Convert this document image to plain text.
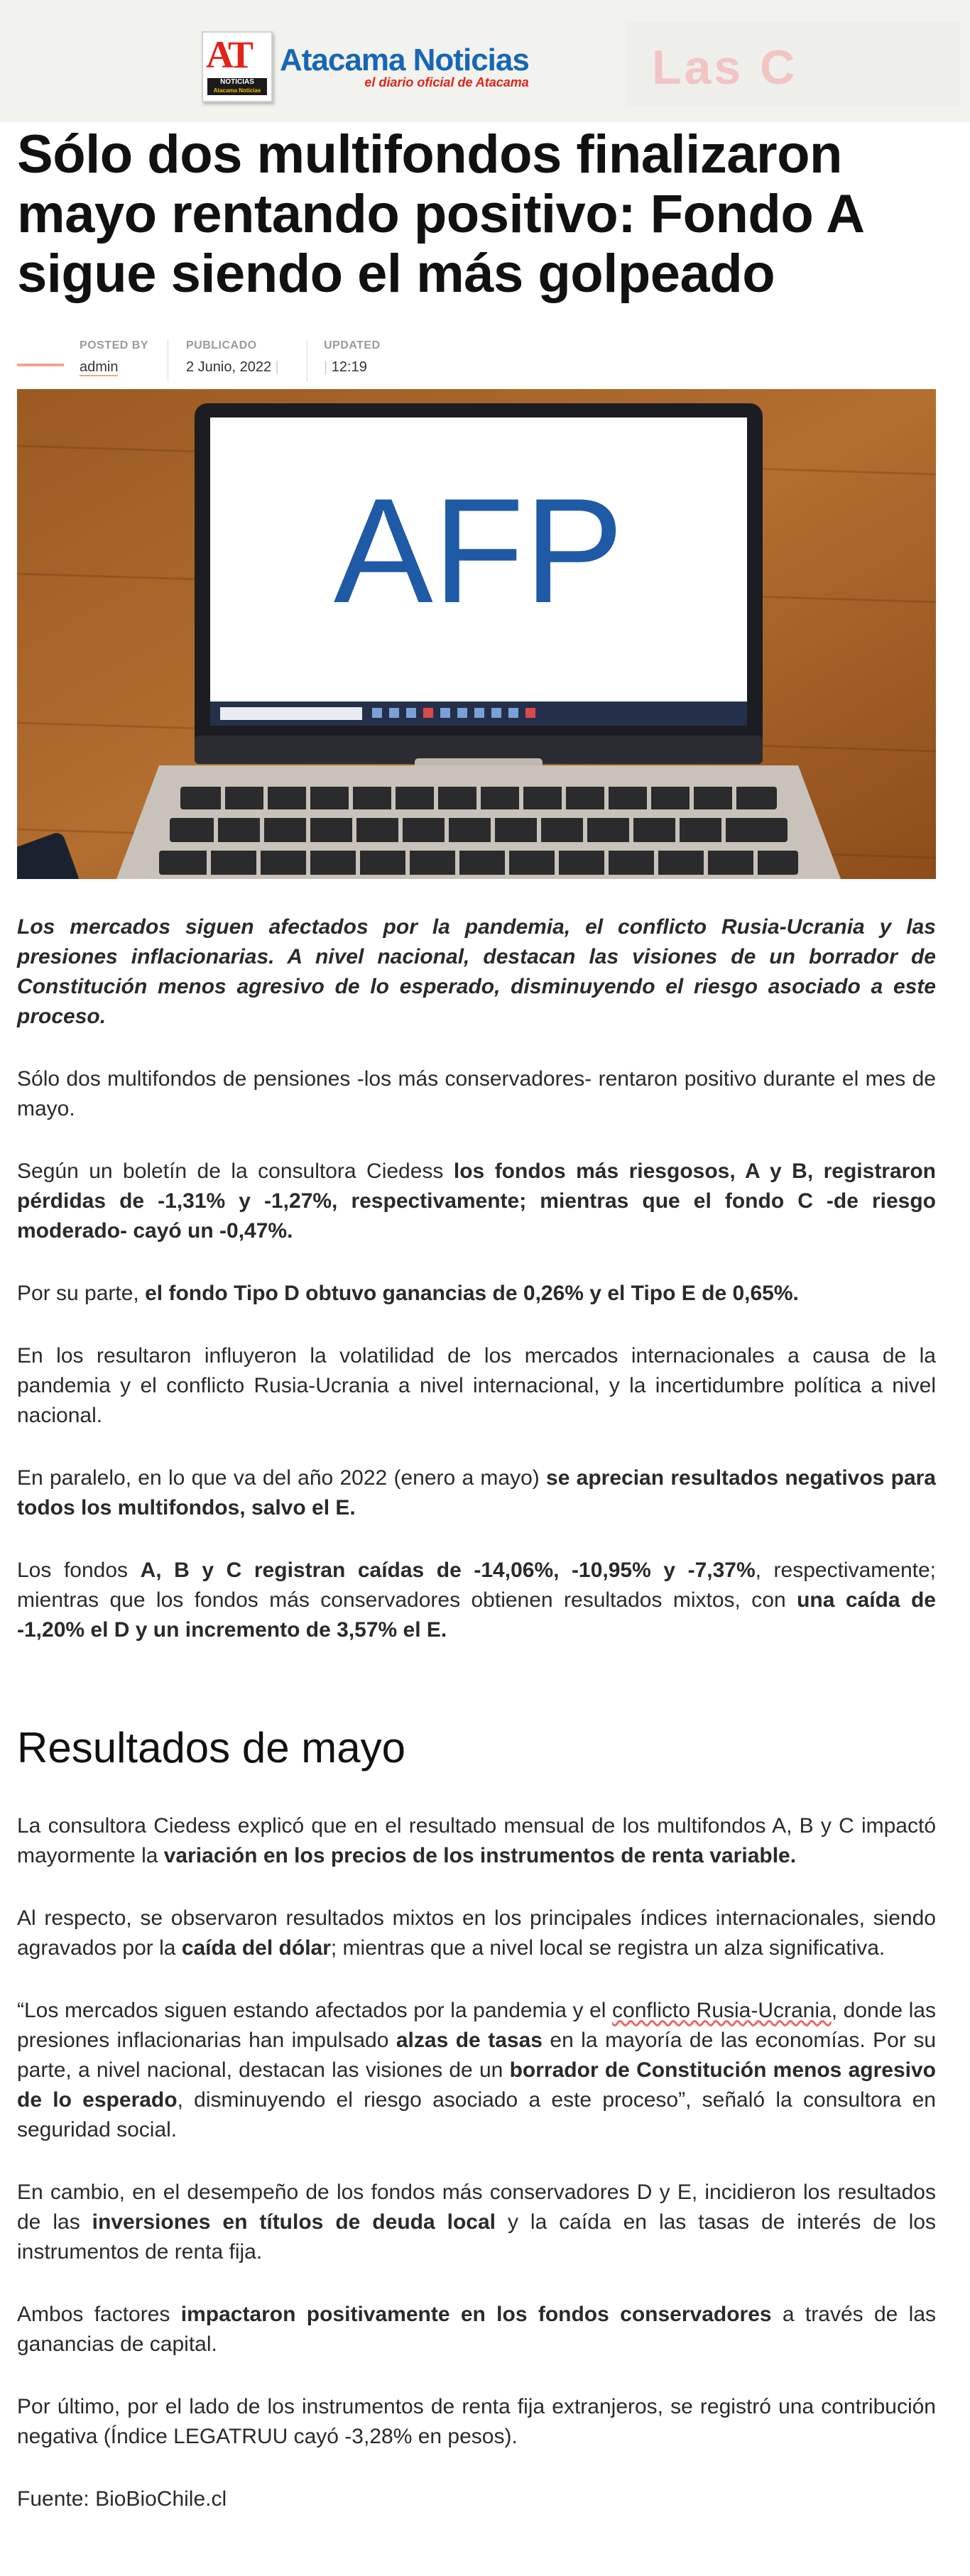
AT
NOTICIAS
Atacama Noticias
Atacama Noticias
el diario oficial de Atacama	Las C
Sólo dos multifondos finalizaron mayo rentando positivo: Fondo A sigue siendo el más golpeado
POSTED BY
admin
PUBLICADO
2 Junio, 2022 |
UPDATED
| 12:19
AFP

Los mercados siguen afectados por la pandemia, el conflicto Rusia-Ucrania y las presiones inflacionarias. A nivel nacional, destacan las visiones de un borrador de Constitución menos agresivo de lo esperado, disminuyendo el riesgo asociado a este proceso.

Sólo dos multifondos de pensiones -los más conservadores- rentaron positivo durante el mes de mayo.

Según un boletín de la consultora Ciedess los fondos más riesgosos, A y B, registraron pérdidas de -1,31% y -1,27%, respectivamente; mientras que el fondo C -de riesgo moderado- cayó un -0,47%.

Por su parte, el fondo Tipo D obtuvo ganancias de 0,26% y el Tipo E de 0,65%.

En los resultaron influyeron la volatilidad de los mercados internacionales a causa de la pandemia y el conflicto Rusia-Ucrania a nivel internacional, y la incertidumbre política a nivel nacional.

En paralelo, en lo que va del año 2022 (enero a mayo) se aprecian resultados negativos para todos los multifondos, salvo el E.

Los fondos A, B y C registran caídas de -14,06%, -10,95% y -7,37%, respectivamente; mientras que los fondos más conservadores obtienen resultados mixtos, con una caída de -1,20% el D y un incremento de 3,57% el E.

Resultados de mayo

La consultora Ciedess explicó que en el resultado mensual de los multifondos A, B y C impactó mayormente la variación en los precios de los instrumentos de renta variable.

Al respecto, se observaron resultados mixtos en los principales índices internacionales, siendo agravados por la caída del dólar; mientras que a nivel local se registra un alza significativa.

“Los mercados siguen estando afectados por la pandemia y el conflicto Rusia-Ucrania, donde las presiones inflacionarias han impulsado alzas de tasas en la mayoría de las economías. Por su parte, a nivel nacional, destacan las visiones de un borrador de Constitución menos agresivo de lo esperado, disminuyendo el riesgo asociado a este proceso”, señaló la consultora en seguridad social.

En cambio, en el desempeño de los fondos más conservadores D y E, incidieron los resultados de las inversiones en títulos de deuda local y la caída en las tasas de interés de los instrumentos de renta fija.

Ambos factores impactaron positivamente en los fondos conservadores a través de las ganancias de capital.

Por último, por el lado de los instrumentos de renta fija extranjeros, se registró una contribución negativa (Índice LEGATRUU cayó -3,28% en pesos).

Fuente: BioBioChile.cl
